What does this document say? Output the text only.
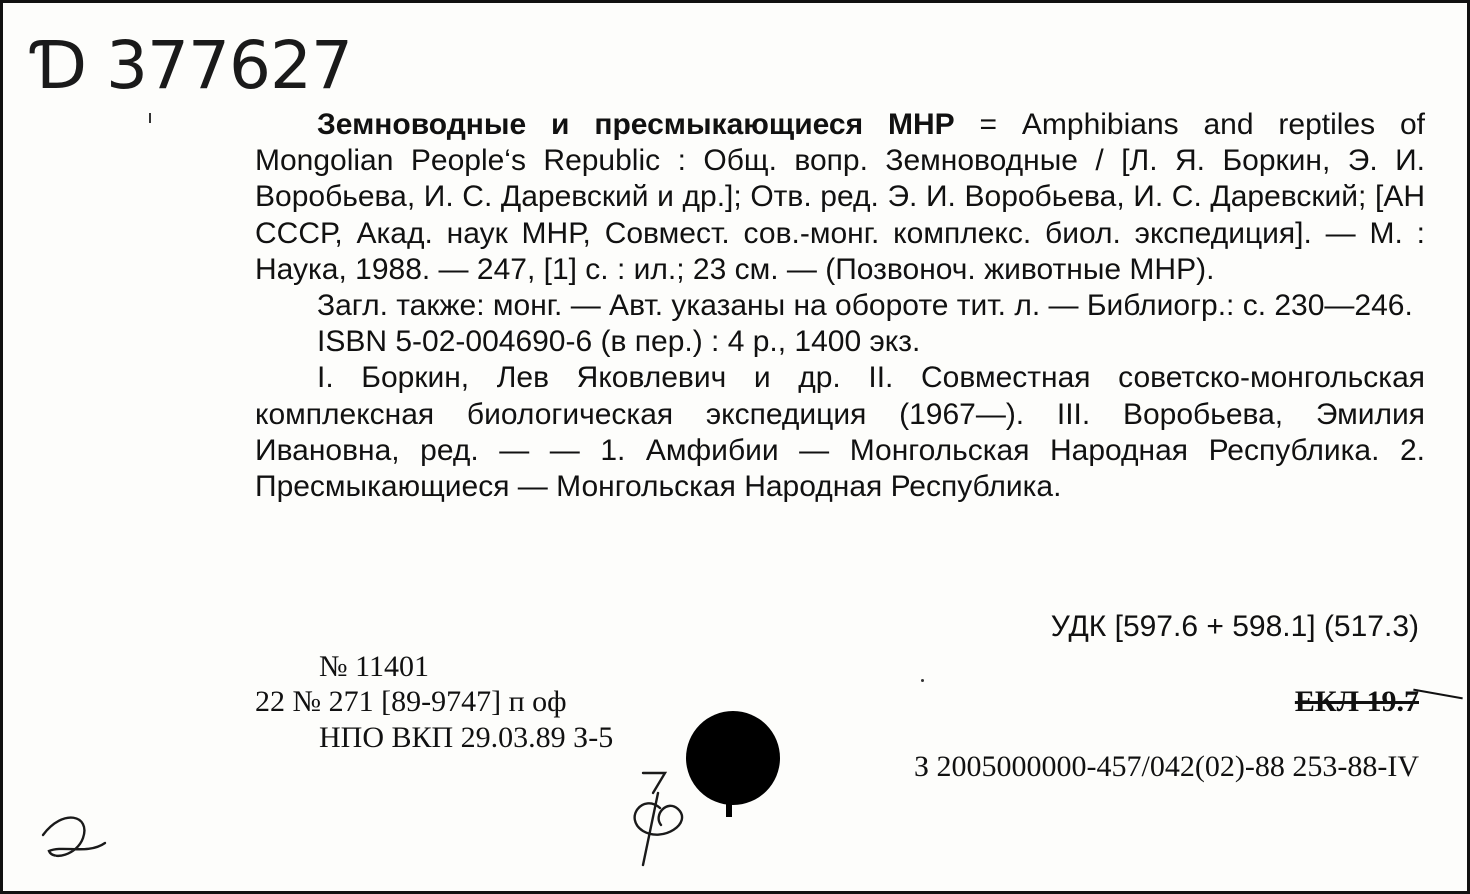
Ɗ 377627

Земноводные и пресмыкающиеся МНР = Amphibians and reptiles of Mongolian People‘s Republic : Общ. вопр. Земноводные / [Л. Я. Боркин, Э. И. Воробьева, И. С. Даревский и др.]; Отв. ред. Э. И. Воробьева, И. С. Даревский; [АН СССР, Акад. наук МНР, Совмест. сов.-монг. комплекс. биол. экспедиция]. — М. : Наука, 1988. — 247, [1] с. : ил.; 23 см. — (Позвоноч. животные МНР).

Загл. также: монг. — Авт. указаны на обороте тит. л. — Библиогр.: с. 230—246.

ISBN 5-02-004690-6 (в пер.) : 4 р., 1400 экз.

I. Боркин, Лев Яковлевич и др. II. Совместная советско-монгольская комплексная биологическая экспедиция (1967—). III. Воробьева, Эмилия Ивановна, ред. — — 1. Амфибии — Монгольская Народная Республика. 2. Пресмыкающиеся — Монгольская Народная Республика.

УДК [597.6 + 598.1] (517.3)
№ 11401
22 № 271 [89-9747] п оф
НПО ВКП 29.03.89 З-5
ЕКЛ 19.7
З 2005000000-457/042(02)-88 253-88-IV
2
ф
